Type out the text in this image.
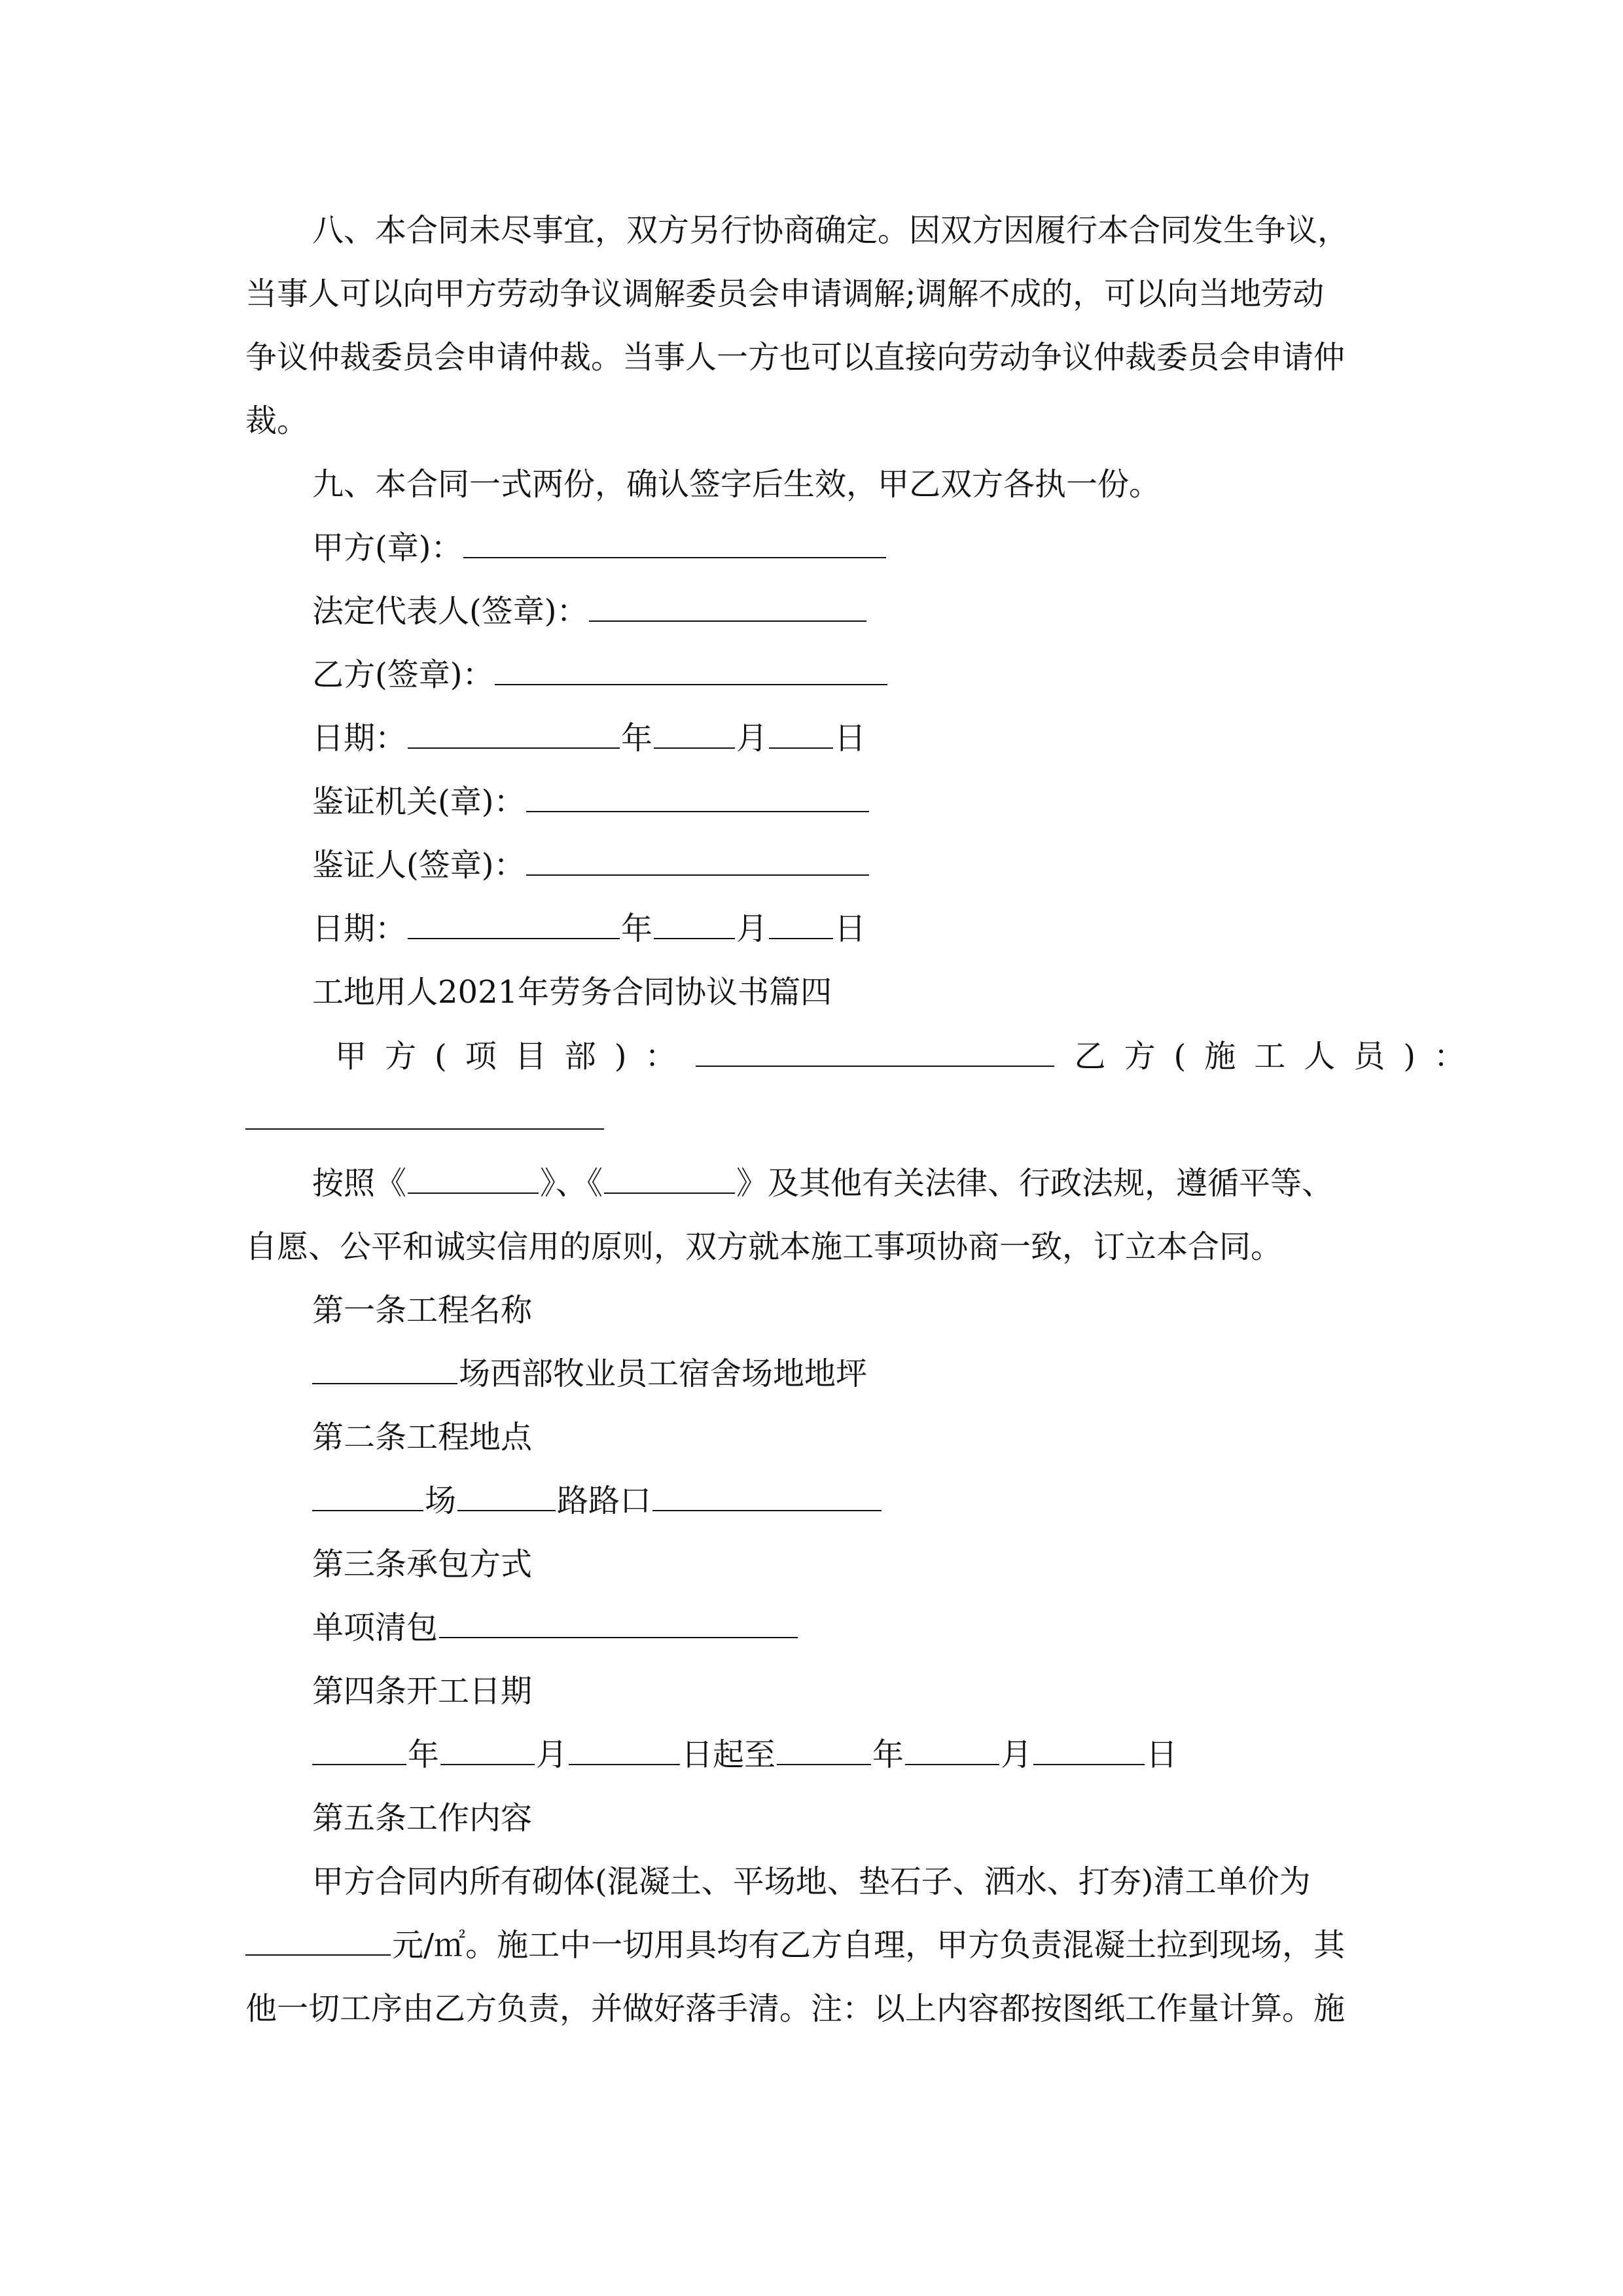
八、本合同未尽事宜，双方另行协商确定。因双方因履行本合同发生争议，
当事人可以向甲方劳动争议调解委员会申请调解;调解不成的，可以向当地劳动
争议仲裁委员会申请仲裁。当事人一方也可以直接向劳动争议仲裁委员会申请仲
裁。
九、本合同一式两份，确认签字后生效，甲乙双方各执一份。
甲方(章)：
法定代表人(签章)：
乙方(签章)：
日期：	年	月 日
鉴证机关(章)：
鉴证人(签章)：
日期：	年	月 日
工地用人2021年劳务合同协议书篇四
甲方(项目部)：	乙方(施工人员)：
按照《	》、《	》及其他有关法律、行政法规，遵循平等、
自愿、公平和诚实信用的原则，双方就本施工事项协商一致，订立本合同。
第一条工程名称
场西部牧业员工宿舍场地地坪
第二条工程地点
场	路路口
第三条承包方式
单项清包
第四条开工日期
年	月	日起至	年	月	日
第五条工作内容
甲方合同内所有砌体(混凝土、平场地、垫石子、洒水、打夯)清工单价为
元/㎡。施工中一切用具均有乙方自理，甲方负责混凝土拉到现场，其
他一切工序由乙方负责，并做好落手清。注：以上内容都按图纸工作量计算。施
